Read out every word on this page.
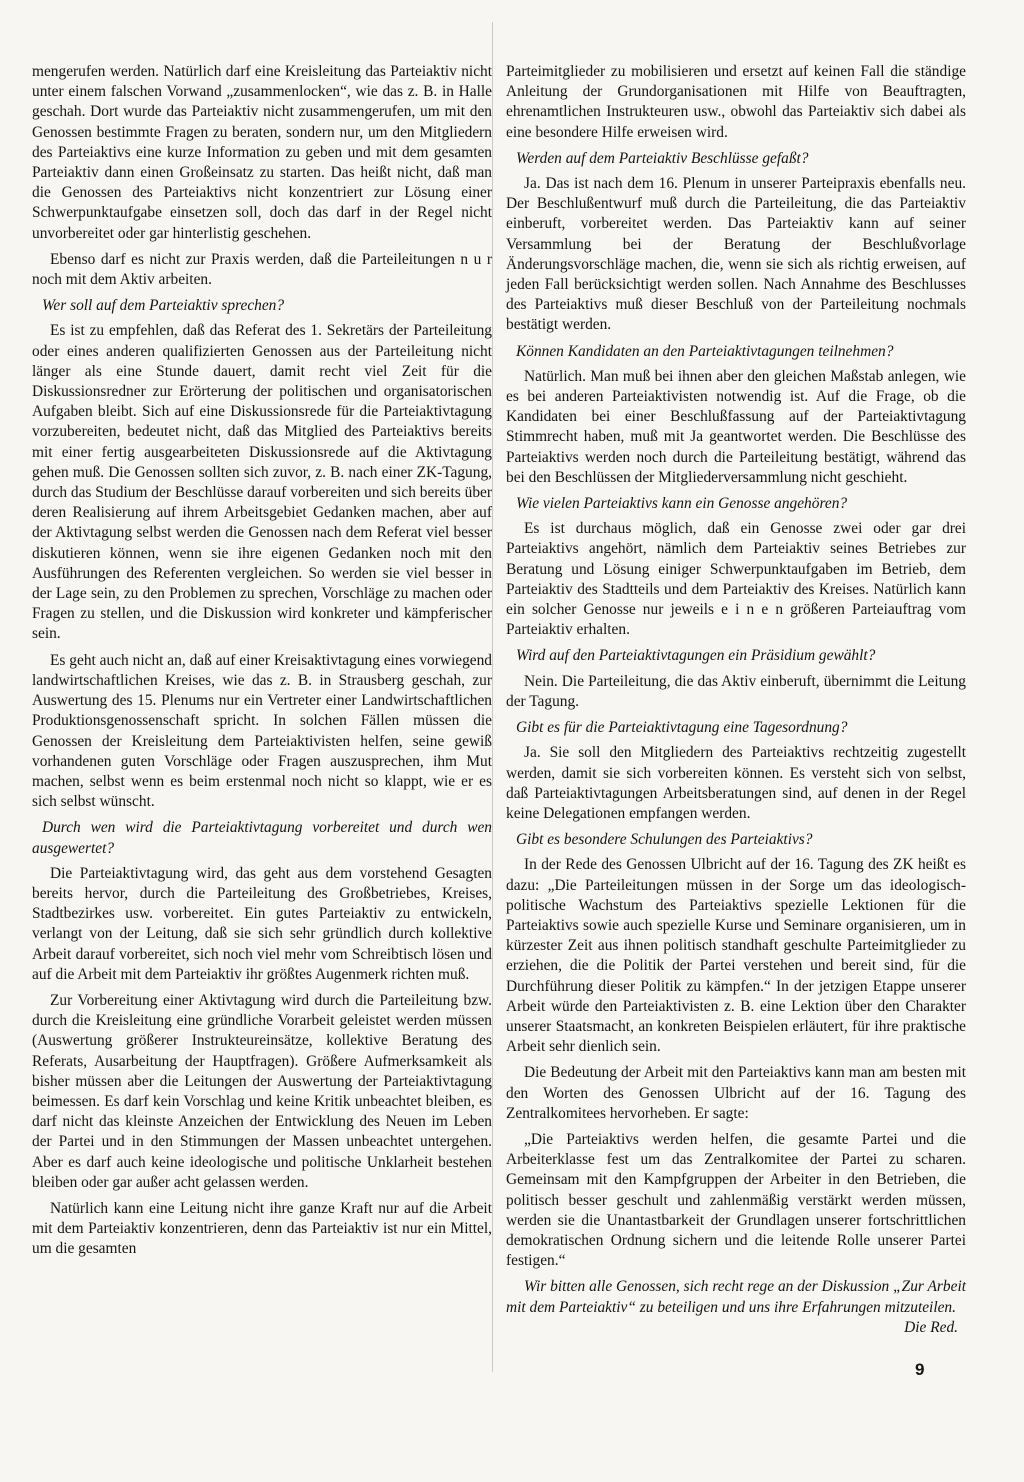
mengerufen werden. Natürlich darf eine Kreisleitung das Parteiaktiv nicht unter einem falschen Vorwand „zusammenlocken“, wie das z. B. in Halle geschah. Dort wurde das Parteiaktiv nicht zusammengerufen, um mit den Genossen bestimmte Fragen zu beraten, sondern nur, um den Mitgliedern des Parteiaktivs eine kurze Information zu geben und mit dem gesamten Parteiaktiv dann einen Großeinsatz zu starten. Das heißt nicht, daß man die Genossen des Parteiaktivs nicht konzentriert zur Lösung einer Schwerpunktaufgabe einsetzen soll, doch das darf in der Regel nicht unvorbereitet oder gar hinterlistig geschehen.

Ebenso darf es nicht zur Praxis werden, daß die Parteileitungen n u r noch mit dem Aktiv arbeiten.

Wer soll auf dem Parteiaktiv sprechen?

Es ist zu empfehlen, daß das Referat des 1. Sekretärs der Parteileitung oder eines anderen qualifizierten Genossen aus der Parteileitung nicht länger als eine Stunde dauert, damit recht viel Zeit für die Diskussionsredner zur Erörterung der politischen und organisatorischen Aufgaben bleibt. Sich auf eine Diskussionsrede für die Parteiaktivtagung vorzubereiten, bedeutet nicht, daß das Mitglied des Parteiaktivs bereits mit einer fertig ausgearbeiteten Diskussionsrede auf die Aktivtagung gehen muß. Die Genossen sollten sich zuvor, z. B. nach einer ZK-Tagung, durch das Studium der Beschlüsse darauf vorbereiten und sich bereits über deren Realisierung auf ihrem Arbeitsgebiet Gedanken machen, aber auf der Aktivtagung selbst werden die Genossen nach dem Referat viel besser diskutieren können, wenn sie ihre eigenen Gedanken noch mit den Ausführungen des Referenten vergleichen. So werden sie viel besser in der Lage sein, zu den Problemen zu sprechen, Vorschläge zu machen oder Fragen zu stellen, und die Diskussion wird konkreter und kämpferischer sein.

Es geht auch nicht an, daß auf einer Kreisaktivtagung eines vorwiegend landwirtschaftlichen Kreises, wie das z. B. in Strausberg geschah, zur Auswertung des 15. Plenums nur ein Vertreter einer Landwirtschaftlichen Produktionsgenossenschaft spricht. In solchen Fällen müssen die Genossen der Kreisleitung dem Parteiaktivisten helfen, seine gewiß vorhandenen guten Vorschläge oder Fragen auszusprechen, ihm Mut machen, selbst wenn es beim erstenmal noch nicht so klappt, wie er es sich selbst wünscht.

Durch wen wird die Parteiaktivtagung vorbereitet und durch wen ausgewertet?

Die Parteiaktivtagung wird, das geht aus dem vorstehend Gesagten bereits hervor, durch die Parteileitung des Großbetriebes, Kreises, Stadtbezirkes usw. vorbereitet. Ein gutes Parteiaktiv zu entwickeln, verlangt von der Leitung, daß sie sich sehr gründlich durch kollektive Arbeit darauf vorbereitet, sich noch viel mehr vom Schreibtisch lösen und auf die Arbeit mit dem Parteiaktiv ihr größtes Augenmerk richten muß.

Zur Vorbereitung einer Aktivtagung wird durch die Parteileitung bzw. durch die Kreisleitung eine gründliche Vorarbeit geleistet werden müssen (Auswertung größerer Instrukteureinsätze, kollektive Beratung des Referats, Ausarbeitung der Hauptfragen). Größere Aufmerksamkeit als bisher müssen aber die Leitungen der Auswertung der Parteiaktivtagung beimessen. Es darf kein Vorschlag und keine Kritik unbeachtet bleiben, es darf nicht das kleinste Anzeichen der Entwicklung des Neuen im Leben der Partei und in den Stimmungen der Massen unbeachtet untergehen. Aber es darf auch keine ideologische und politische Unklarheit bestehen bleiben oder gar außer acht gelassen werden.

Natürlich kann eine Leitung nicht ihre ganze Kraft nur auf die Arbeit mit dem Parteiaktiv konzentrieren, denn das Parteiaktiv ist nur ein Mittel, um die gesamten

Parteimitglieder zu mobilisieren und ersetzt auf keinen Fall die ständige Anleitung der Grundorganisationen mit Hilfe von Beauftragten, ehrenamtlichen Instrukteuren usw., obwohl das Parteiaktiv sich dabei als eine besondere Hilfe erweisen wird.

Werden auf dem Parteiaktiv Beschlüsse gefaßt?

Ja. Das ist nach dem 16. Plenum in unserer Parteipraxis ebenfalls neu. Der Beschlußentwurf muß durch die Parteileitung, die das Parteiaktiv einberuft, vorbereitet werden. Das Parteiaktiv kann auf seiner Versammlung bei der Beratung der Beschlußvorlage Änderungsvorschläge machen, die, wenn sie sich als richtig erweisen, auf jeden Fall berücksichtigt werden sollen. Nach Annahme des Beschlusses des Parteiaktivs muß dieser Beschluß von der Parteileitung nochmals bestätigt werden.

Können Kandidaten an den Parteiaktivtagungen teilnehmen?

Natürlich. Man muß bei ihnen aber den gleichen Maßstab anlegen, wie es bei anderen Parteiaktivisten notwendig ist. Auf die Frage, ob die Kandidaten bei einer Beschlußfassung auf der Parteiaktivtagung Stimmrecht haben, muß mit Ja geantwortet werden. Die Beschlüsse des Parteiaktivs werden noch durch die Parteileitung bestätigt, während das bei den Beschlüssen der Mitgliederversammlung nicht geschieht.

Wie vielen Parteiaktivs kann ein Genosse angehören?

Es ist durchaus möglich, daß ein Genosse zwei oder gar drei Parteiaktivs angehört, nämlich dem Parteiaktiv seines Betriebes zur Beratung und Lösung einiger Schwerpunktaufgaben im Betrieb, dem Parteiaktiv des Stadtteils und dem Parteiaktiv des Kreises. Natürlich kann ein solcher Genosse nur jeweils e i n e n größeren Parteiauftrag vom Parteiaktiv erhalten.

Wird auf den Parteiaktivtagungen ein Präsidium gewählt?

Nein. Die Parteileitung, die das Aktiv einberuft, übernimmt die Leitung der Tagung.

Gibt es für die Parteiaktivtagung eine Tagesordnung?

Ja. Sie soll den Mitgliedern des Parteiaktivs rechtzeitig zugestellt werden, damit sie sich vorbereiten können. Es versteht sich von selbst, daß Parteiaktivtagungen Arbeitsberatungen sind, auf denen in der Regel keine Delegationen empfangen werden.

Gibt es besondere Schulungen des Parteiaktivs?

In der Rede des Genossen Ulbricht auf der 16. Tagung des ZK heißt es dazu: „Die Parteileitungen müssen in der Sorge um das ideologisch-politische Wachstum des Parteiaktivs spezielle Lektionen für die Parteiaktivs sowie auch spezielle Kurse und Seminare organisieren, um in kürzester Zeit aus ihnen politisch standhaft geschulte Parteimitglieder zu erziehen, die die Politik der Partei verstehen und bereit sind, für die Durchführung dieser Politik zu kämpfen.“ In der jetzigen Etappe unserer Arbeit würde den Parteiaktivisten z. B. eine Lektion über den Charakter unserer Staatsmacht, an konkreten Beispielen erläutert, für ihre praktische Arbeit sehr dienlich sein.

Die Bedeutung der Arbeit mit den Parteiaktivs kann man am besten mit den Worten des Genossen Ulbricht auf der 16. Tagung des Zentralkomitees hervorheben. Er sagte:

„Die Parteiaktivs werden helfen, die gesamte Partei und die Arbeiterklasse fest um das Zentralkomitee der Partei zu scharen. Gemeinsam mit den Kampfgruppen der Arbeiter in den Betrieben, die politisch besser geschult und zahlenmäßig verstärkt werden müssen, werden sie die Unantastbarkeit der Grundlagen unserer fortschrittlichen demokratischen Ordnung sichern und die leitende Rolle unserer Partei festigen.“

Wir bitten alle Genossen, sich recht rege an der Diskussion „Zur Arbeit mit dem Parteiaktiv“ zu beteiligen und uns ihre Erfahrungen mitzuteilen.
Die Red.

9
